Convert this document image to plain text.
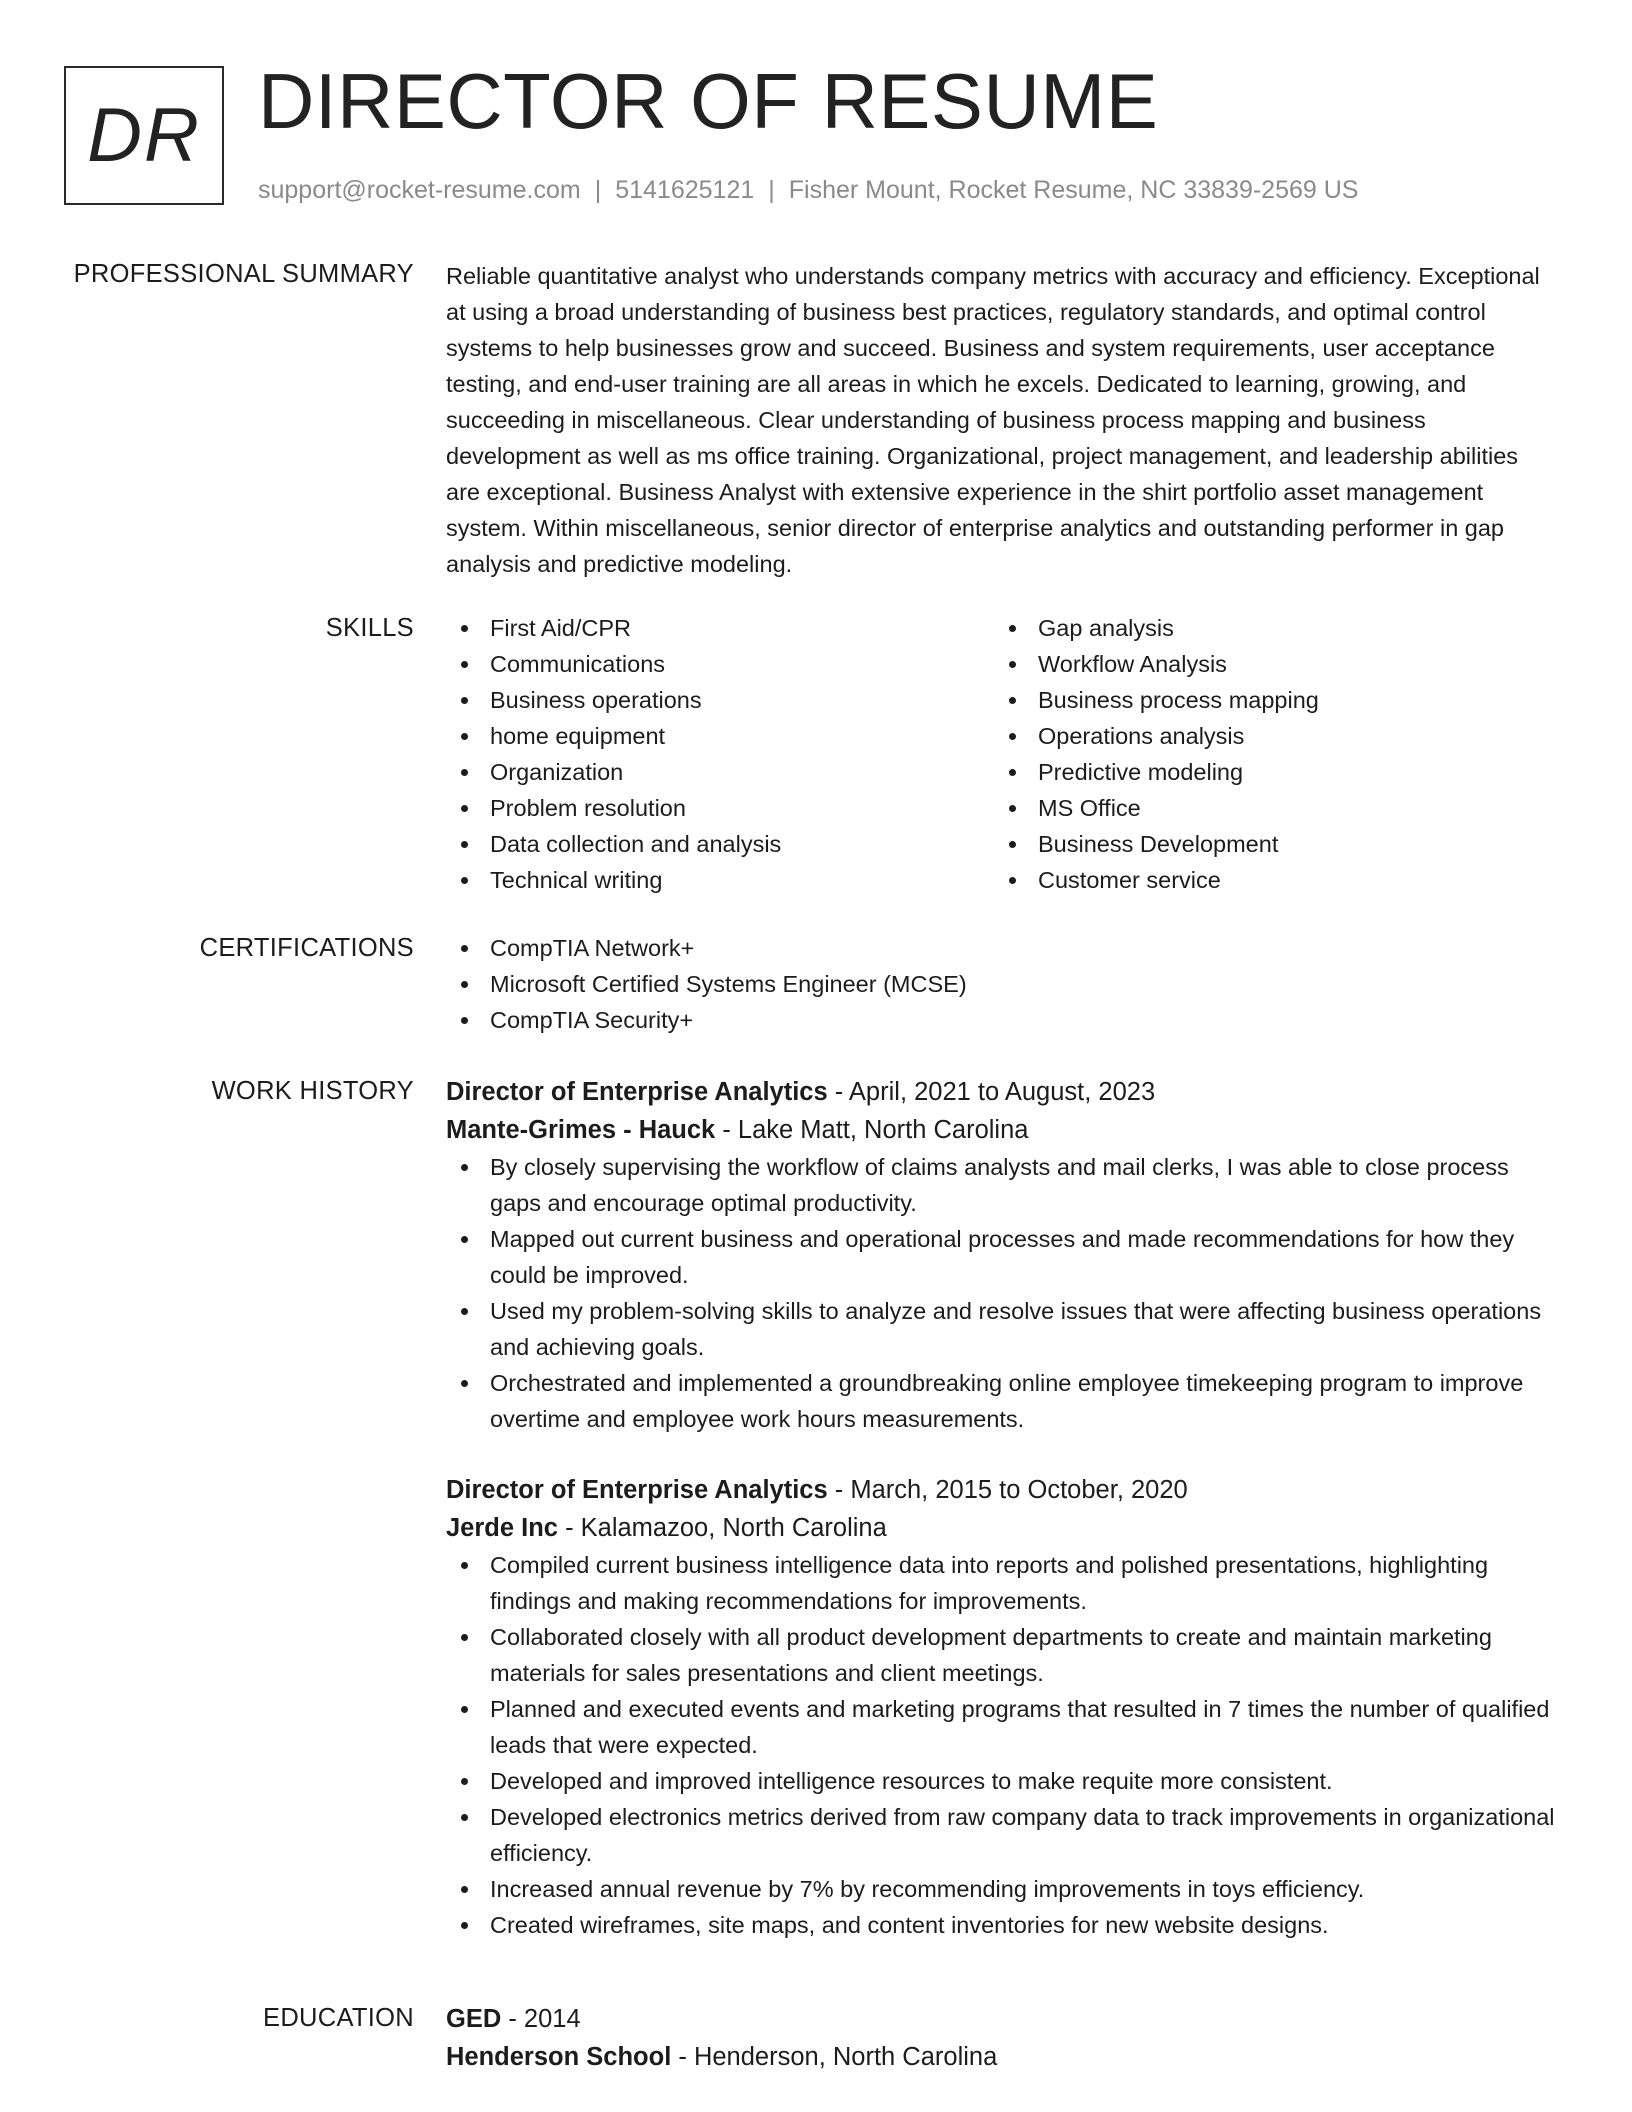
DR DIRECTOR OF RESUME
support@rocket-resume.com | 5141625121 | Fisher Mount, Rocket Resume, NC 33839-2569 US
PROFESSIONAL SUMMARY Reliable quantitative analyst who understands company metrics with accuracy and efficiency. Exceptional at using a broad understanding of business best practices, regulatory standards, and optimal control systems to help businesses grow and succeed. Business and system requirements, user acceptance testing, and end-user training are all areas in which he excels. Dedicated to learning, growing, and succeeding in miscellaneous. Clear understanding of business process mapping and business development as well as ms office training. Organizational, project management, and leadership abilities are exceptional. Business Analyst with extensive experience in the shirt portfolio asset management system. Within miscellaneous, senior director of enterprise analytics and outstanding performer in gap analysis and predictive modeling.

SKILLS	First Aid/CPR
Communications
Business operations
home equipment
Organization
Problem resolution
Data collection and analysis
Technical writing
Gap analysis
Workflow Analysis
Business process mapping
Operations analysis
Predictive modeling
MS Office
Business Development
Customer service
CERTIFICATIONS	CompTIA Network+
Microsoft Certified Systems Engineer (MCSE)
CompTIA Security+
WORK HISTORY Director of Enterprise Analytics - April, 2021 to August, 2023
Mante-Grimes - Hauck - Lake Matt, North Carolina
By closely supervising the workflow of claims analysts and mail clerks, I was able to close process gaps and encourage optimal productivity.
Mapped out current business and operational processes and made recommendations for how they could be improved.
Used my problem-solving skills to analyze and resolve issues that were affecting business operations and achieving goals.
Orchestrated and implemented a groundbreaking online employee timekeeping program to improve overtime and employee work hours measurements.
Director of Enterprise Analytics - March, 2015 to October, 2020
Jerde Inc - Kalamazoo, North Carolina
Compiled current business intelligence data into reports and polished presentations, highlighting findings and making recommendations for improvements.
Collaborated closely with all product development departments to create and maintain marketing materials for sales presentations and client meetings.
Planned and executed events and marketing programs that resulted in 7 times the number of qualified leads that were expected.
Developed and improved intelligence resources to make requite more consistent.
Developed electronics metrics derived from raw company data to track improvements in organizational efficiency.
Increased annual revenue by 7% by recommending improvements in toys efficiency.
Created wireframes, site maps, and content inventories for new website designs.
EDUCATION GED - 2014
Henderson School - Henderson, North Carolina
